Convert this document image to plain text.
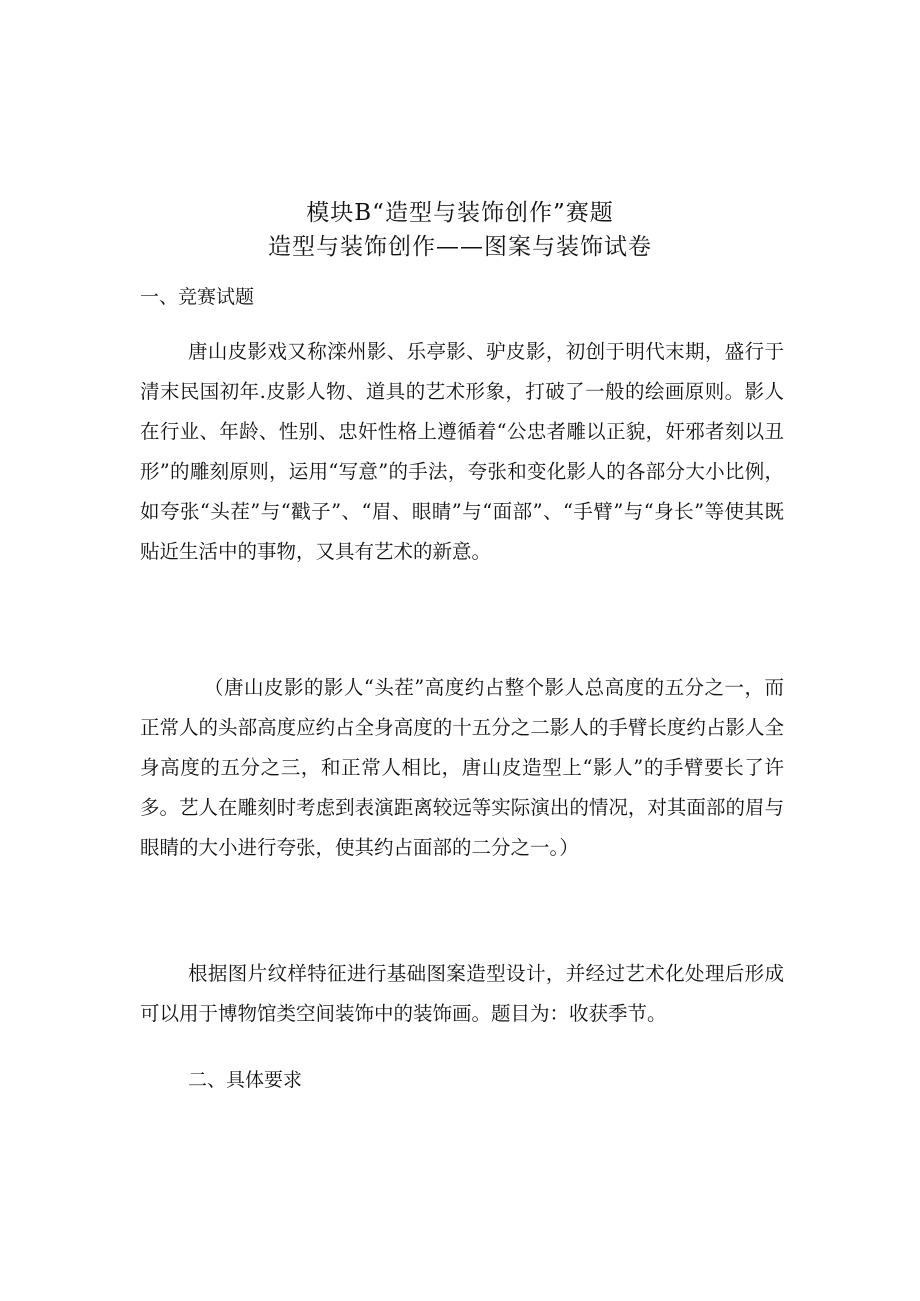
模块B“造型与装饰创作”赛题
造型与装饰创作——图案与装饰试卷
一、竞赛试题

唐山皮影戏又称滦州影、乐亭影、驴皮影，初创于明代末期，盛行于清末民国初年.皮影人物、道具的艺术形象，打破了一般的绘画原则。影人在行业、年龄、性别、忠奸性格上遵循着“公忠者雕以正貌，奸邪者刻以丑形”的雕刻原则，运用“写意”的手法，夸张和变化影人的各部分大小比例，如夸张“头茬”与“戳子”、“眉、眼睛”与“面部”、“手臂”与“身长”等使其既贴近生活中的事物，又具有艺术的新意。

（唐山皮影的影人“头茬”高度约占整个影人总高度的五分之一，而正常人的头部高度应约占全身高度的十五分之二影人的手臂长度约占影人全身高度的五分之三，和正常人相比，唐山皮造型上“影人”的手臂要长了许多。艺人在雕刻时考虑到表演距离较远等实际演出的情况，对其面部的眉与眼睛的大小进行夸张，使其约占面部的二分之一。）

根据图片纹样特征进行基础图案造型设计，并经过艺术化处理后形成可以用于博物馆类空间装饰中的装饰画。题目为：收获季节。

二、具体要求
